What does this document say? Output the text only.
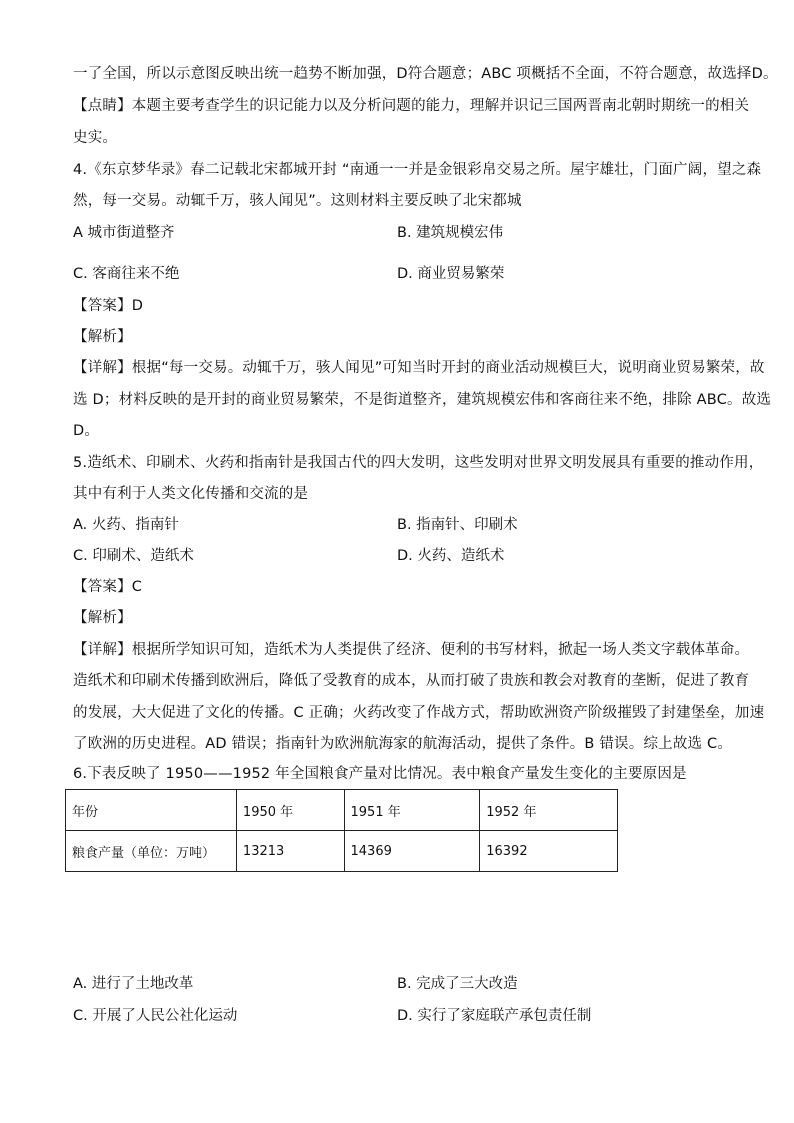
一了全国，所以示意图反映出统一趋势不断加强，D符合题意；ABC 项概括不全面，不符合题意，故选择D。
【点睛】本题主要考查学生的识记能力以及分析问题的能力，理解并识记三国两晋南北朝时期统一的相关
史实。
4.《东京梦华录》春二记载北宋都城开封 “南通一一并是金银彩帛交易之所。屋宇雄壮，门面广阔，望之森
然，每一交易。动辄千万，骇人闻见”。这则材料主要反映了北宋都城
A 城市街道整齐	B. 建筑规模宏伟
C. 客商往来不绝	D. 商业贸易繁荣
【答案】D
【解析】
【详解】根据“每一交易。动辄千万，骇人闻见”可知当时开封的商业活动规模巨大，说明商业贸易繁荣，故
选 D；材料反映的是开封的商业贸易繁荣，不是街道整齐，建筑规模宏伟和客商往来不绝，排除 ABC。故选
D。
5.造纸术、印刷术、火药和指南针是我国古代的四大发明，这些发明对世界文明发展具有重要的推动作用，
其中有利于人类文化传播和交流的是
A. 火药、指南针	B. 指南针、印刷术
C. 印刷术、造纸术	D. 火药、造纸术
【答案】C
【解析】
【详解】根据所学知识可知，造纸术为人类提供了经济、便利的书写材料，掀起一场人类文字载体革命。
造纸术和印刷术传播到欧洲后，降低了受教育的成本，从而打破了贵族和教会对教育的垄断，促进了教育
的发展，大大促进了文化的传播。C 正确；火药改变了作战方式，帮助欧洲资产阶级摧毁了封建堡垒，加速
了欧洲的历史进程。AD 错误；指南针为欧洲航海家的航海活动，提供了条件。B 错误。综上故选 C。
6.下表反映了 1950——1952 年全国粮食产量对比情况。表中粮食产量发生变化的主要原因是
年份	1950 年	1951 年	1952 年
粮食产量（单位：万吨）	13213	14369	16392
A. 进行了土地改革	B. 完成了三大改造
C. 开展了人民公社化运动	D. 实行了家庭联产承包责任制
